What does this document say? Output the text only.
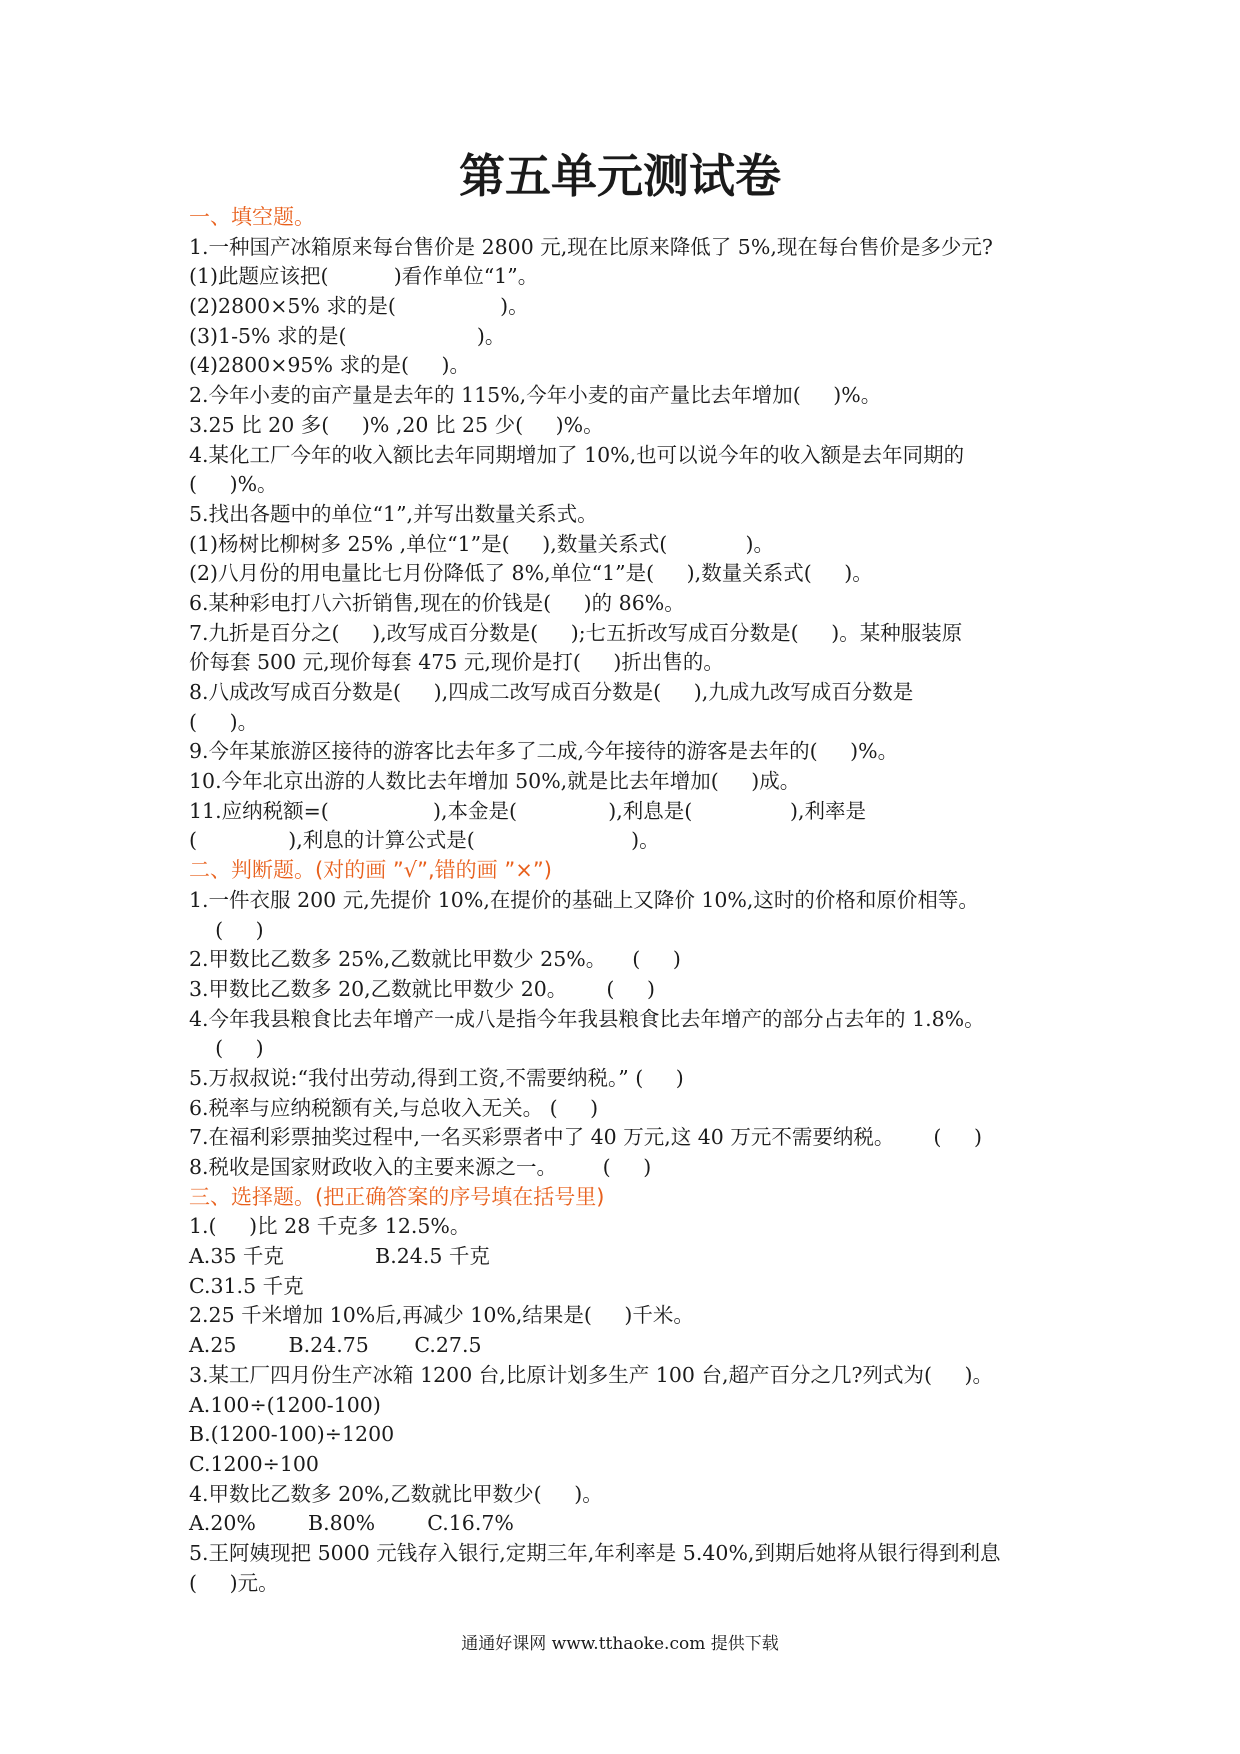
第五单元测试卷
一、填空题。
1.一种国产冰箱原来每台售价是 2800 元,现在比原来降低了 5%,现在每台售价是多少元?
(1)此题应该把(          )看作单位“1”。
(2)2800×5% 求的是(                )。
(3)1-5% 求的是(                    )。
(4)2800×95% 求的是(     )。
2.今年小麦的亩产量是去年的 115%,今年小麦的亩产量比去年增加(     )%。
3.25 比 20 多(     )% ,20 比 25 少(     )%。
4.某化工厂今年的收入额比去年同期增加了 10%,也可以说今年的收入额是去年同期的
(     )%。
5.找出各题中的单位“1”,并写出数量关系式。
(1)杨树比柳树多 25% ,单位“1”是(     ),数量关系式(            )。
(2)八月份的用电量比七月份降低了 8%,单位“1”是(     ),数量关系式(     )。
6.某种彩电打八六折销售,现在的价钱是(     )的 86%。
7.九折是百分之(     ),改写成百分数是(     );七五折改写成百分数是(     )。某种服装原
价每套 500 元,现价每套 475 元,现价是打(     )折出售的。
8.八成改写成百分数是(     ),四成二改写成百分数是(     ),九成九改写成百分数是
(     )。
9.今年某旅游区接待的游客比去年多了二成,今年接待的游客是去年的(     )%。
10.今年北京出游的人数比去年增加 50%,就是比去年增加(     )成。
11.应纳税额=(                ),本金是(              ),利息是(               ),利率是
(              ),利息的计算公式是(                        )。
二、判断题。(对的画 ”√”,错的画 ”×”)
1.一件衣服 200 元,先提价 10%,在提价的基础上又降价 10%,这时的价格和原价相等。
(     )
2.甲数比乙数多 25%,乙数就比甲数少 25%。    (     )
3.甲数比乙数多 20,乙数就比甲数少 20。      (     )
4.今年我县粮食比去年增产一成八是指今年我县粮食比去年增产的部分占去年的 1.8%。
(     )
5.万叔叔说:“我付出劳动,得到工资,不需要纳税。” (     )
6.税率与应纳税额有关,与总收入无关。 (     )
7.在福利彩票抽奖过程中,一名买彩票者中了 40 万元,这 40 万元不需要纳税。      (     )
8.税收是国家财政收入的主要来源之一。       (     )
三、选择题。(把正确答案的序号填在括号里)
1.(     )比 28 千克多 12.5%。
A.35 千克              B.24.5 千克
C.31.5 千克
2.25 千米增加 10%后,再减少 10%,结果是(     )千米。
A.25        B.24.75       C.27.5
3.某工厂四月份生产冰箱 1200 台,比原计划多生产 100 台,超产百分之几?列式为(     )。
A.100÷(1200-100)
B.(1200-100)÷1200
C.1200÷100
4.甲数比乙数多 20%,乙数就比甲数少(     )。
A.20%        B.80%        C.16.7%
5.王阿姨现把 5000 元钱存入银行,定期三年,年利率是 5.40%,到期后她将从银行得到利息
(     )元。
通通好课网 www.tthaoke.com 提供下载
